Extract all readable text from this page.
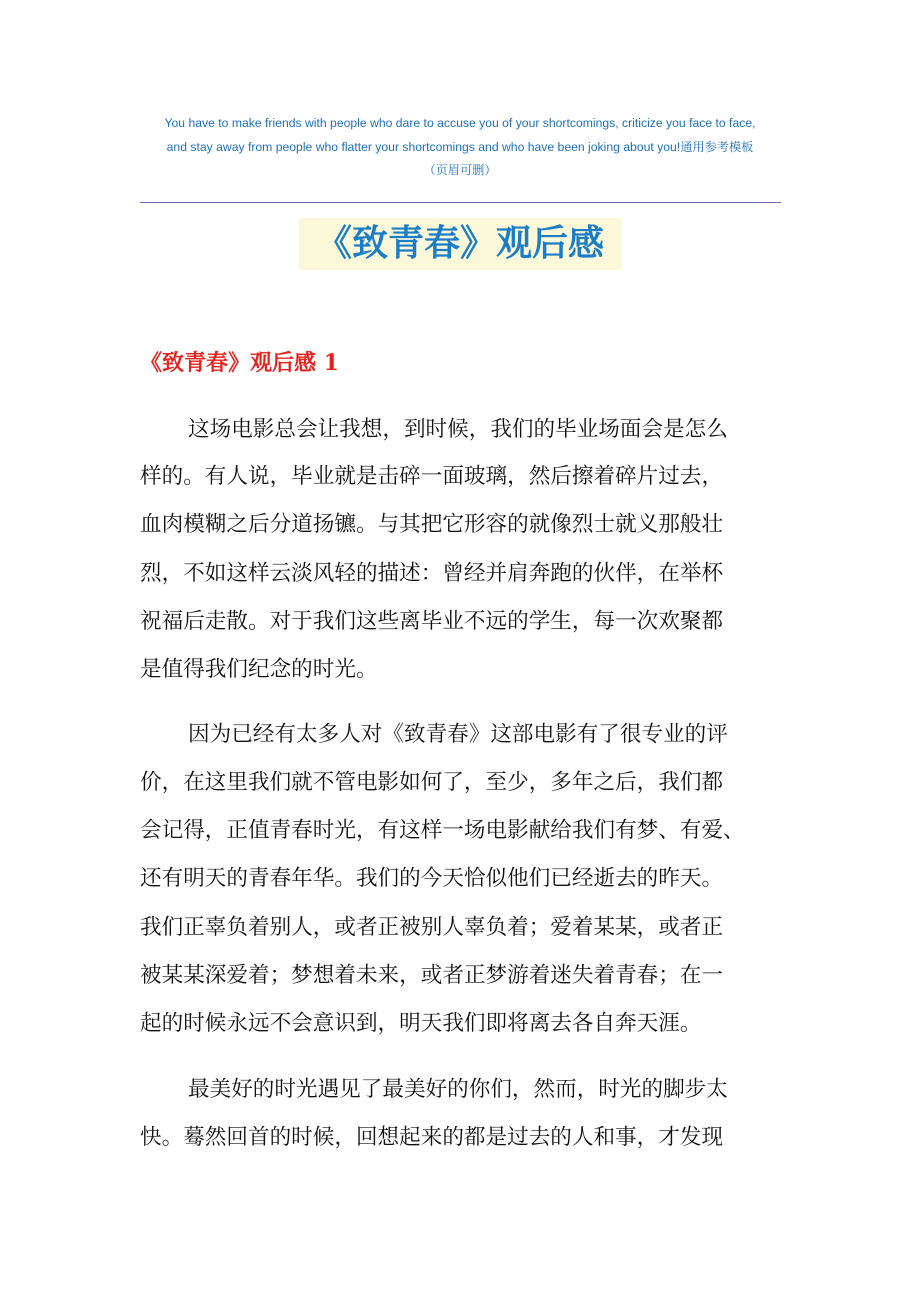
You have to make friends with people who dare to accuse you of your shortcomings, criticize you face to face,
and stay away from people who flatter your shortcomings and who have been joking about you!通用参考模板
（页眉可删）
《致青春》观后感
《致青春》观后感 1
这场电影总会让我想，到时候，我们的毕业场面会是怎么
样的。有人说，毕业就是击碎一面玻璃，然后擦着碎片过去，
血肉模糊之后分道扬镳。与其把它形容的就像烈士就义那般壮
烈，不如这样云淡风轻的描述：曾经并肩奔跑的伙伴，在举杯
祝福后走散。对于我们这些离毕业不远的学生，每一次欢聚都
是值得我们纪念的时光。
因为已经有太多人对《致青春》这部电影有了很专业的评
价，在这里我们就不管电影如何了，至少，多年之后，我们都
会记得，正值青春时光，有这样一场电影献给我们有梦、有爱、
还有明天的青春年华。我们的今天恰似他们已经逝去的昨天。
我们正辜负着别人，或者正被别人辜负着；爱着某某，或者正
被某某深爱着；梦想着未来，或者正梦游着迷失着青春；在一
起的时候永远不会意识到，明天我们即将离去各自奔天涯。
最美好的时光遇见了最美好的你们，然而，时光的脚步太
快。蓦然回首的时候，回想起来的都是过去的人和事，才发现
